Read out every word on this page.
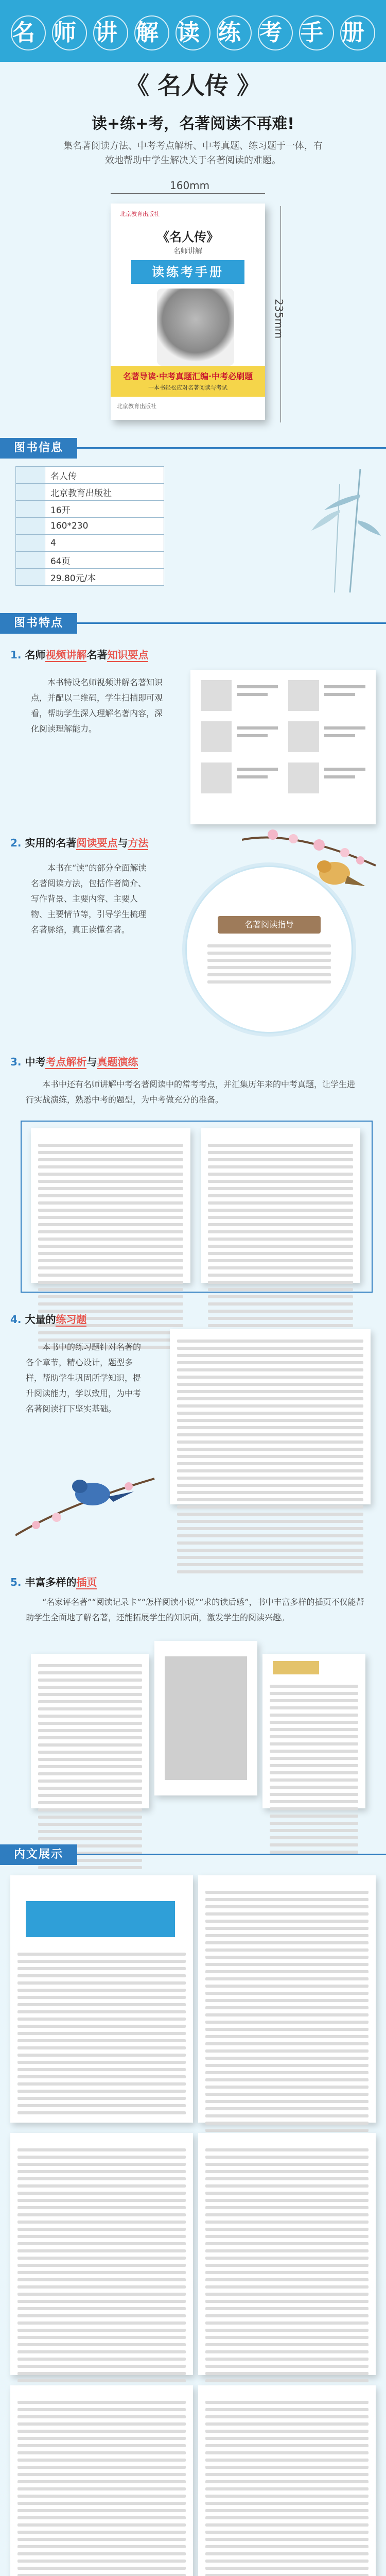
名 师 讲 解 读 练 考 手 册
《 名人传 》
读+练+考，名著阅读不再难!
集名著阅读方法、中考考点解析、中考真题、练习题于一体，有效地帮助中学生解决关于名著阅读的难题。
160mm
235mm
北京教育出版社
《名人传》
名师讲解
读练考手册
名著导读·中考真题汇编·中考必刷题
一本书轻松应对名著阅读与考试
北京教育出版社
图书信息
	名人传
	北京教育出版社
	16开
	160*230
	4
	64页
	29.80元/本
图书特点
1. 名师视频讲解名著知识要点
本书特设名师视频讲解名著知识点，并配以二维码，学生扫描即可观看，帮助学生深入理解名著内容，深化阅读理解能力。
2. 实用的名著阅读要点与方法
本书在“读”的部分全面解读名著阅读方法，包括作者简介、写作背景、主要内容、主要人物、主要情节等，引导学生梳理名著脉络，真正读懂名著。
名著阅读指导
3. 中考考点解析与真题演练
本书中还有名师讲解中考名著阅读中的常考考点，并汇集历年来的中考真题，让学生进行实战演练，熟悉中考的题型，为中考做充分的准备。
4. 大量的练习题
本书中的练习题针对名著的各个章节，精心设计，题型多样，帮助学生巩固所学知识，提升阅读能力，学以致用，为中考名著阅读打下坚实基础。
5. 丰富多样的插页
“名家评名著”“阅读记录卡”“怎样阅读小说”“求的读后感”，书中丰富多样的插页不仅能帮助学生全面地了解名著，还能拓展学生的知识面，激发学生的阅读兴趣。
内文展示
